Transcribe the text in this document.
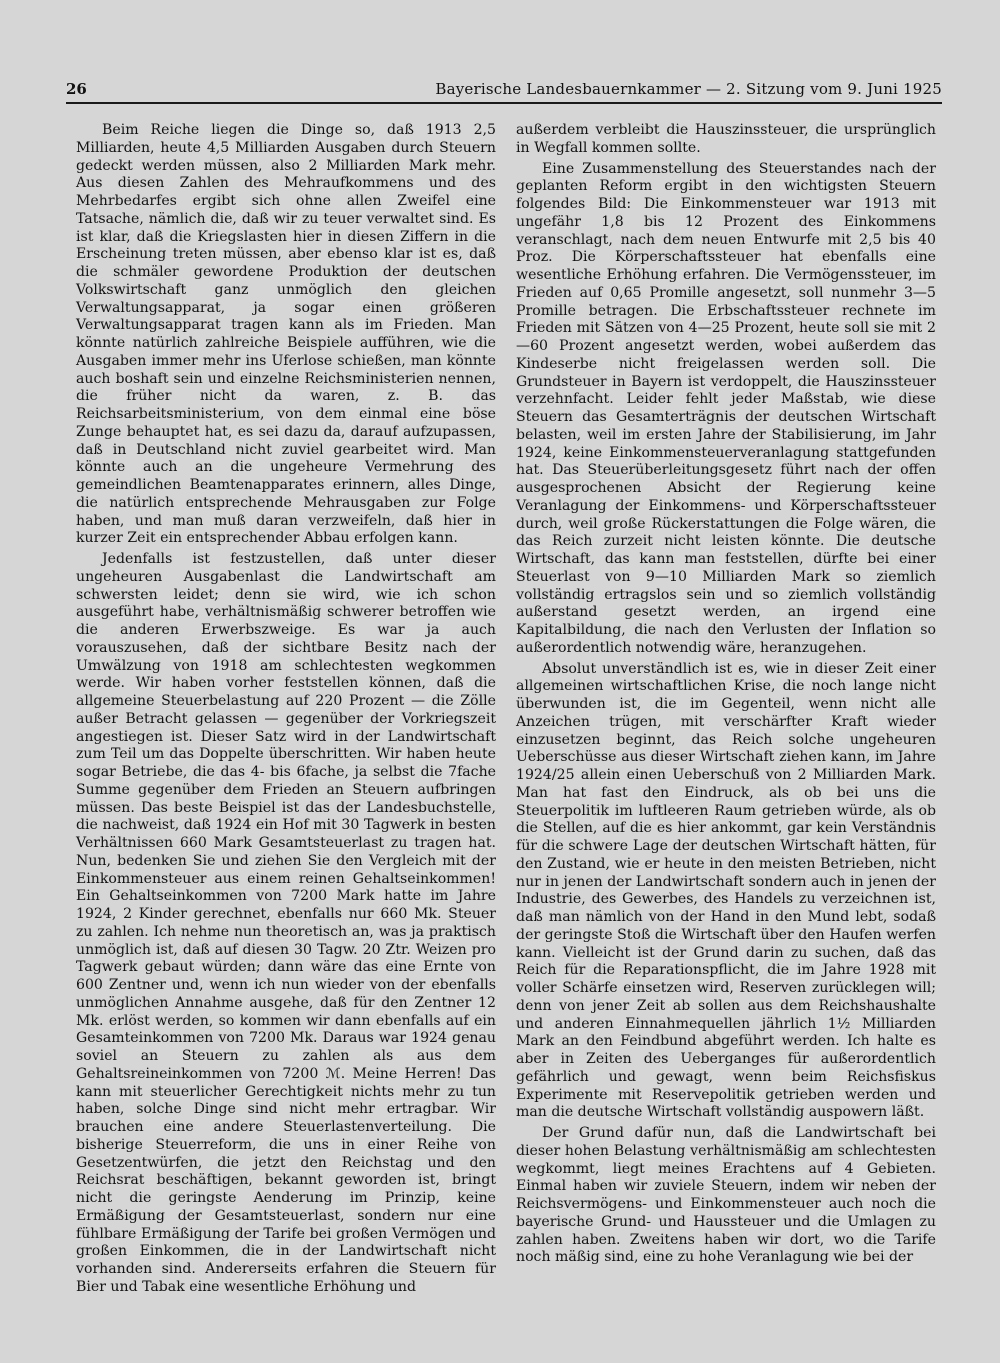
26	Bayerische Landesbauernkammer — 2. Sitzung vom 9. Juni 1925

Beim Reiche liegen die Dinge so, daß 1913 2,5 Milliarden, heute 4,5 Milliarden Ausgaben durch Steuern gedeckt werden müssen, also 2 Milliarden Mark mehr. Aus diesen Zahlen des Mehraufkommens und des Mehrbedarfes ergibt sich ohne allen Zweifel eine Tatsache, nämlich die, daß wir zu teuer verwaltet sind. Es ist klar, daß die Kriegslasten hier in diesen Ziffern in die Erscheinung treten müssen, aber ebenso klar ist es, daß die schmäler gewordene Produktion der deutschen Volkswirtschaft ganz unmöglich den gleichen Verwaltungsapparat, ja sogar einen größeren Verwaltungsapparat tragen kann als im Frieden. Man könnte natürlich zahlreiche Beispiele aufführen, wie die Ausgaben immer mehr ins Uferlose schießen, man könnte auch boshaft sein und einzelne Reichsministerien nennen, die früher nicht da waren, z. B. das Reichsarbeitsministerium, von dem einmal eine böse Zunge behauptet hat, es sei dazu da, darauf aufzupassen, daß in Deutschland nicht zuviel gearbeitet wird. Man könnte auch an die ungeheure Vermehrung des gemeindlichen Beamtenapparates erinnern, alles Dinge, die natürlich entsprechende Mehrausgaben zur Folge haben, und man muß daran verzweifeln, daß hier in kurzer Zeit ein entsprechender Abbau erfolgen kann.

Jedenfalls ist festzustellen, daß unter dieser ungeheuren Ausgabenlast die Landwirtschaft am schwersten leidet; denn sie wird, wie ich schon ausgeführt habe, verhältnismäßig schwerer betroffen wie die anderen Erwerbszweige. Es war ja auch vorauszusehen, daß der sichtbare Besitz nach der Umwälzung von 1918 am schlechtesten wegkommen werde. Wir haben vorher feststellen können, daß die allgemeine Steuerbelastung auf 220 Prozent — die Zölle außer Betracht gelassen — gegenüber der Vorkriegszeit angestiegen ist. Dieser Satz wird in der Landwirtschaft zum Teil um das Doppelte überschritten. Wir haben heute sogar Betriebe, die das 4- bis 6fache, ja selbst die 7fache Summe gegenüber dem Frieden an Steuern aufbringen müssen. Das beste Beispiel ist das der Landesbuchstelle, die nachweist, daß 1924 ein Hof mit 30 Tagwerk in besten Verhältnissen 660 Mark Gesamtsteuerlast zu tragen hat. Nun, bedenken Sie und ziehen Sie den Vergleich mit der Einkommensteuer aus einem reinen Gehaltseinkommen! Ein Gehaltseinkommen von 7200 Mark hatte im Jahre 1924, 2 Kinder gerechnet, ebenfalls nur 660 Mk. Steuer zu zahlen. Ich nehme nun theoretisch an, was ja praktisch unmöglich ist, daß auf diesen 30 Tagw. 20 Ztr. Weizen pro Tagwerk gebaut würden; dann wäre das eine Ernte von 600 Zentner und, wenn ich nun wieder von der ebenfalls unmöglichen Annahme ausgehe, daß für den Zentner 12 Mk. erlöst werden, so kommen wir dann ebenfalls auf ein Gesamteinkommen von 7200 Mk. Daraus war 1924 genau soviel an Steuern zu zahlen als aus dem Gehaltsreineinkommen von 7200 ℳ. Meine Herren! Das kann mit steuerlicher Gerechtigkeit nichts mehr zu tun haben, solche Dinge sind nicht mehr ertragbar. Wir brauchen eine andere Steuerlastenverteilung. Die bisherige Steuerreform, die uns in einer Reihe von Gesetzentwürfen, die jetzt den Reichstag und den Reichsrat beschäftigen, bekannt geworden ist, bringt nicht die geringste Aenderung im Prinzip, keine Ermäßigung der Gesamtsteuerlast, sondern nur eine fühlbare Ermäßigung der Tarife bei großen Vermögen und großen Einkommen, die in der Landwirtschaft nicht vorhanden sind. Andererseits erfahren die Steuern für Bier und Tabak eine wesentliche Erhöhung und

außerdem verbleibt die Hauszinssteuer, die ursprünglich in Wegfall kommen sollte.

Eine Zusammenstellung des Steuerstandes nach der geplanten Reform ergibt in den wichtigsten Steuern folgendes Bild: Die Einkommensteuer war 1913 mit ungefähr 1,8 bis 12 Prozent des Einkommens veranschlagt, nach dem neuen Entwurfe mit 2,5 bis 40 Proz. Die Körperschaftssteuer hat ebenfalls eine wesentliche Erhöhung erfahren. Die Vermögenssteuer, im Frieden auf 0,65 Promille angesetzt, soll nunmehr 3—5 Promille betragen. Die Erbschaftssteuer rechnete im Frieden mit Sätzen von 4—25 Prozent, heute soll sie mit 2—60 Prozent angesetzt werden, wobei außerdem das Kindeserbe nicht freigelassen werden soll. Die Grundsteuer in Bayern ist verdoppelt, die Hauszinssteuer verzehnfacht. Leider fehlt jeder Maßstab, wie diese Steuern das Gesamterträgnis der deutschen Wirtschaft belasten, weil im ersten Jahre der Stabilisierung, im Jahr 1924, keine Einkommensteuerveranlagung stattgefunden hat. Das Steuerüberleitungsgesetz führt nach der offen ausgesprochenen Absicht der Regierung keine Veranlagung der Einkommens- und Körperschaftssteuer durch, weil große Rückerstattungen die Folge wären, die das Reich zurzeit nicht leisten könnte. Die deutsche Wirtschaft, das kann man feststellen, dürfte bei einer Steuerlast von 9—10 Milliarden Mark so ziemlich vollständig ertragslos sein und so ziemlich vollständig außerstand gesetzt werden, an irgend eine Kapitalbildung, die nach den Verlusten der Inflation so außerordentlich notwendig wäre, heranzugehen.

Absolut unverständlich ist es, wie in dieser Zeit einer allgemeinen wirtschaftlichen Krise, die noch lange nicht überwunden ist, die im Gegenteil, wenn nicht alle Anzeichen trügen, mit verschärfter Kraft wieder einzusetzen beginnt, das Reich solche ungeheuren Ueberschüsse aus dieser Wirtschaft ziehen kann, im Jahre 1924/25 allein einen Ueberschuß von 2 Milliarden Mark. Man hat fast den Eindruck, als ob bei uns die Steuerpolitik im luftleeren Raum getrieben würde, als ob die Stellen, auf die es hier ankommt, gar kein Verständnis für die schwere Lage der deutschen Wirtschaft hätten, für den Zustand, wie er heute in den meisten Betrieben, nicht nur in jenen der Landwirtschaft sondern auch in jenen der Industrie, des Gewerbes, des Handels zu verzeichnen ist, daß man nämlich von der Hand in den Mund lebt, sodaß der geringste Stoß die Wirtschaft über den Haufen werfen kann. Vielleicht ist der Grund darin zu suchen, daß das Reich für die Reparationspflicht, die im Jahre 1928 mit voller Schärfe einsetzen wird, Reserven zurücklegen will; denn von jener Zeit ab sollen aus dem Reichshaushalte und anderen Einnahmequellen jährlich 1½ Milliarden Mark an den Feindbund abgeführt werden. Ich halte es aber in Zeiten des Ueberganges für außerordentlich gefährlich und gewagt, wenn beim Reichsfiskus Experimente mit Reservepolitik getrieben werden und man die deutsche Wirtschaft vollständig auspowern läßt.

Der Grund dafür nun, daß die Landwirtschaft bei dieser hohen Belastung verhältnismäßig am schlechtesten wegkommt, liegt meines Erachtens auf 4 Gebieten. Einmal haben wir zuviele Steuern, indem wir neben der Reichsvermögens- und Einkommensteuer auch noch die bayerische Grund- und Haussteuer und die Umlagen zu zahlen haben. Zweitens haben wir dort, wo die Tarife noch mäßig sind, eine zu hohe Veranlagung wie bei der
